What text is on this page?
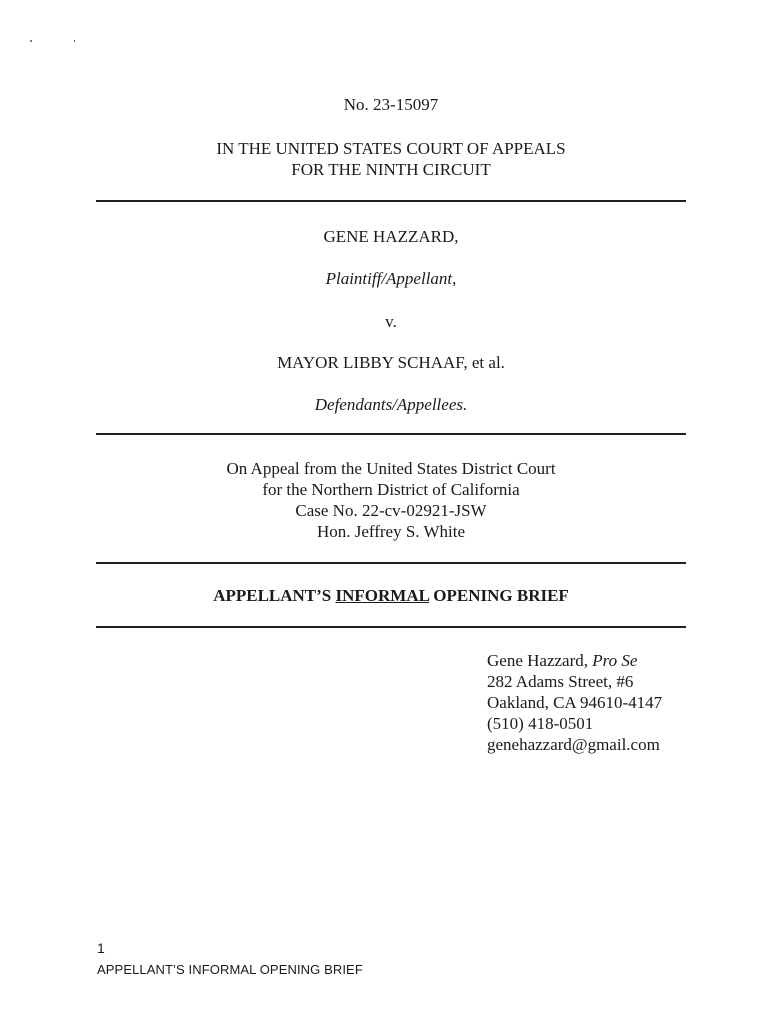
No. 23-15097
IN THE UNITED STATES COURT OF APPEALS
FOR THE NINTH CIRCUIT
GENE HAZZARD,
Plaintiff/Appellant,
v.
MAYOR LIBBY SCHAAF, et al.
Defendants/Appellees.
On Appeal from the United States District Court
for the Northern District of California
Case No. 22-cv-02921-JSW
Hon. Jeffrey S. White
APPELLANT’S INFORMAL OPENING BRIEF
Gene Hazzard, Pro Se
282 Adams Street, #6
Oakland, CA 94610-4147
(510) 418-0501
genehazzard@gmail.com
1
APPELLANT’S INFORMAL OPENING BRIEF
